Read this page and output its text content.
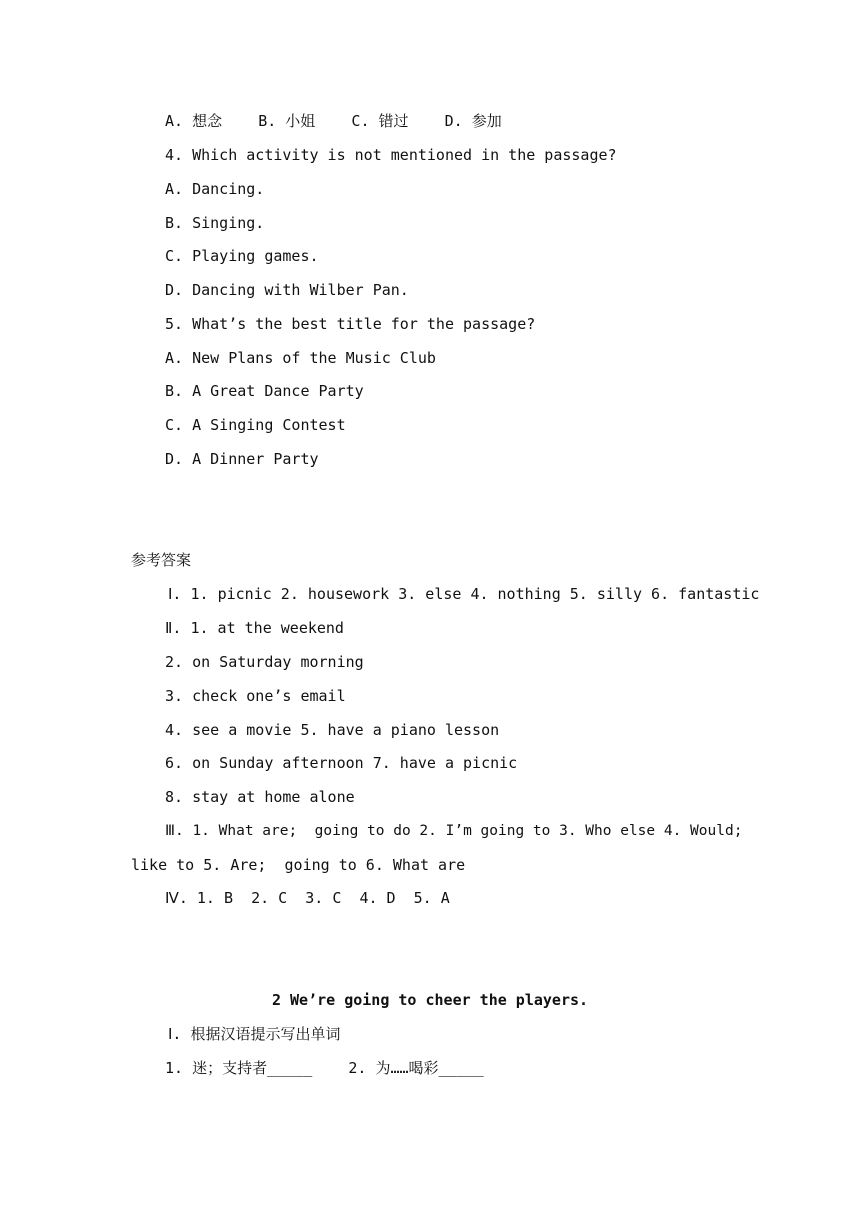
A. 想念    B. 小姐    C. 错过    D. 参加
4. Which activity is not mentioned in the passage?
A. Dancing.
B. Singing.
C. Playing games.
D. Dancing with Wilber Pan.
5. What’s the best title for the passage?
A. New Plans of the Music Club
B. A Great Dance Party
C. A Singing Contest
D. A Dinner Party
参考答案
Ⅰ. 1. picnic 2. housework 3. else 4. nothing 5. silly 6. fantastic
Ⅱ. 1. at the weekend
2. on Saturday morning
3. check one’s email
4. see a movie 5. have a piano lesson
6. on Sunday afternoon 7. have a picnic
8. stay at home alone
Ⅲ. 1. What are;  going to do 2. I’m going to 3. Who else 4. Would;
like to 5. Are;  going to 6. What are
Ⅳ. 1. B  2. C  3. C  4. D  5. A
2 We’re going to cheer the players.
Ⅰ. 根据汉语提示写出单词
1. 迷；支持者_____    2. 为……喝彩_____
